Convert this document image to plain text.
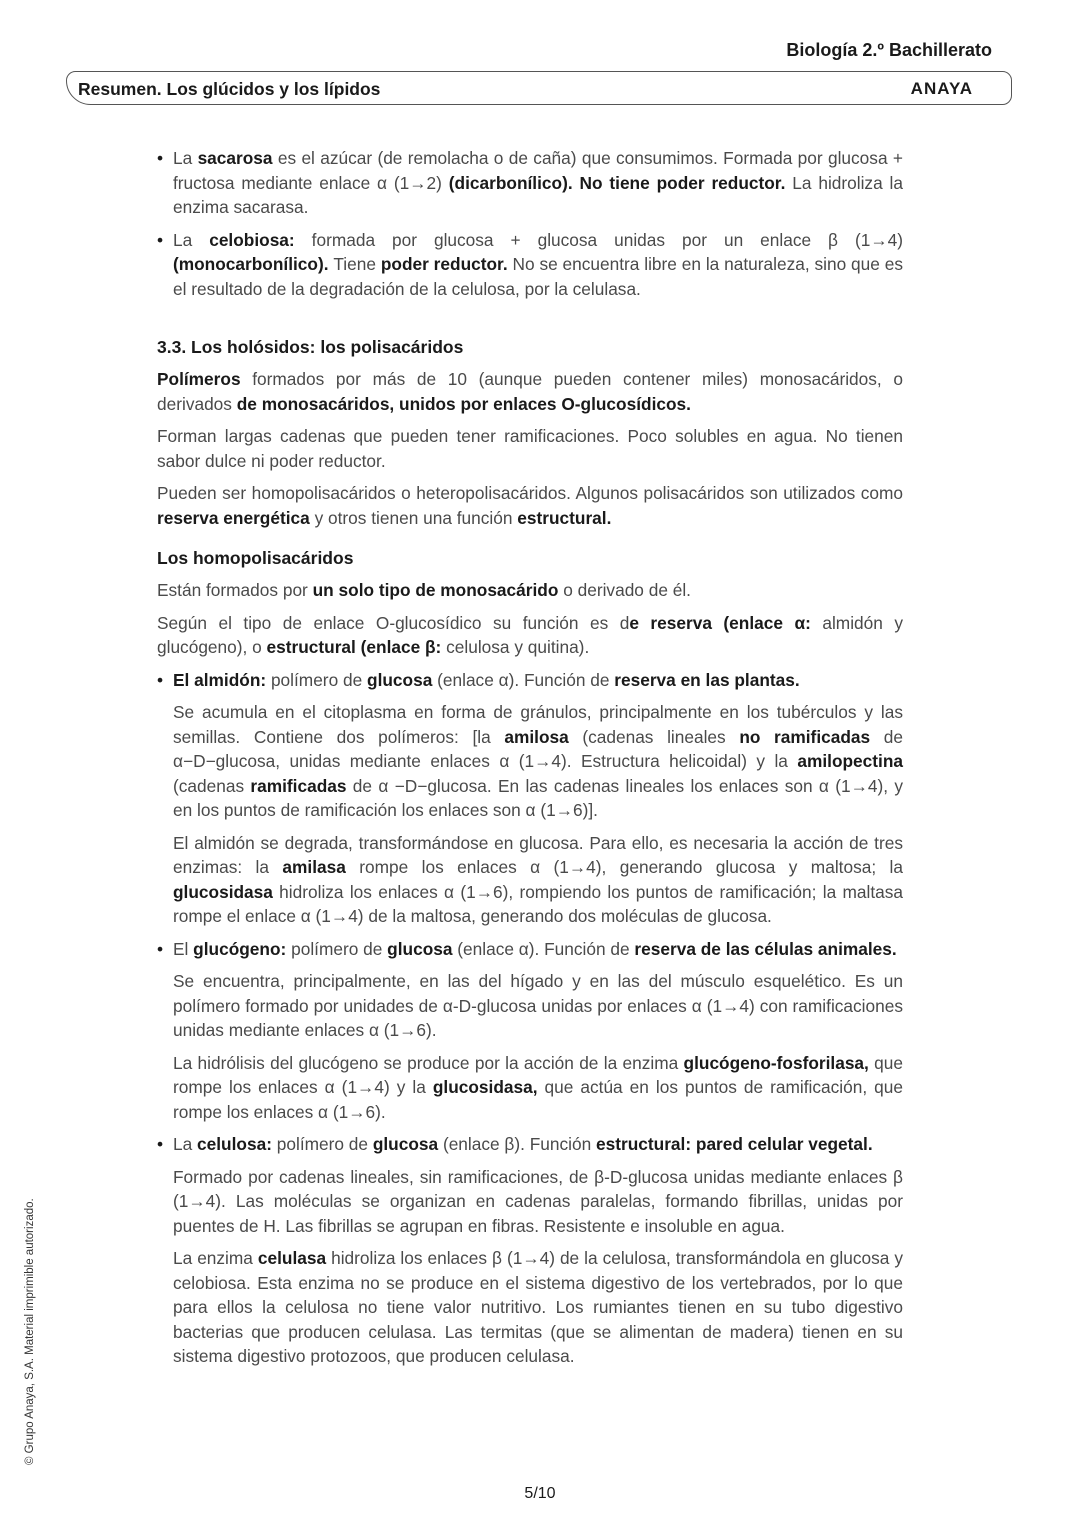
Biología 2.º Bachillerato
Resumen. Los glúcidos y los lípidos	ANAYA

• La sacarosa es el azúcar (de remolacha o de caña) que consumimos. Formada por glucosa + fructosa mediante enlace α (1→2) (dicarbonílico). No tiene poder reductor. La hidroliza la enzima sacarasa.

• La celobiosa: formada por glucosa + glucosa unidas por un enlace β (1→4) (monocarbonílico). Tiene poder reductor. No se encuentra libre en la naturaleza, sino que es el resultado de la degradación de la celulosa, por la celulasa.

3.3. Los holósidos: los polisacáridos

Polímeros formados por más de 10 (aunque pueden contener miles) monosacáridos, o derivados de monosacáridos, unidos por enlaces O-glucosídicos.

Forman largas cadenas que pueden tener ramificaciones. Poco solubles en agua. No tienen sabor dulce ni poder reductor.

Pueden ser homopolisacáridos o heteropolisacáridos. Algunos polisacáridos son utilizados como reserva energética y otros tienen una función estructural.

Los homopolisacáridos

Están formados por un solo tipo de monosacárido o derivado de él.

Según el tipo de enlace O-glucosídico su función es de reserva (enlace α: almidón y glucógeno), o estructural (enlace β: celulosa y quitina).

• El almidón: polímero de glucosa (enlace α). Función de reserva en las plantas.

Se acumula en el citoplasma en forma de gránulos, principalmente en los tubérculos y las semillas. Contiene dos polímeros: [la amilosa (cadenas lineales no ramificadas de α−D−glucosa, unidas mediante enlaces α (1→4). Estructura helicoidal) y la amilopectina (cadenas ramificadas de α −D−glucosa. En las cadenas lineales los enlaces son α (1→4), y en los puntos de ramificación los enlaces son α (1→6)].

El almidón se degrada, transformándose en glucosa. Para ello, es necesaria la acción de tres enzimas: la amilasa rompe los enlaces α (1→4), generando glucosa y maltosa; la glucosidasa hidroliza los enlaces α (1→6), rompiendo los puntos de ramificación; la maltasa rompe el enlace α (1→4) de la maltosa, generando dos moléculas de glucosa.

• El glucógeno: polímero de glucosa (enlace α). Función de reserva de las células animales.

Se encuentra, principalmente, en las del hígado y en las del músculo esquelético. Es un polímero formado por unidades de α-D-glucosa unidas por enlaces α (1→4) con ramificaciones unidas mediante enlaces α (1→6).

La hidrólisis del glucógeno se produce por la acción de la enzima glucógeno-fosforilasa, que rompe los enlaces α (1→4) y la glucosidasa, que actúa en los puntos de ramificación, que rompe los enlaces α (1→6).

• La celulosa: polímero de glucosa (enlace β). Función estructural: pared celular vegetal.

Formado por cadenas lineales, sin ramificaciones, de β-D-glucosa unidas mediante enlaces β (1→4). Las moléculas se organizan en cadenas paralelas, formando fibrillas, unidas por puentes de H. Las fibrillas se agrupan en fibras. Resistente e insoluble en agua.

La enzima celulasa hidroliza los enlaces β (1→4) de la celulosa, transformándola en glucosa y celobiosa. Esta enzima no se produce en el sistema digestivo de los vertebrados, por lo que para ellos la celulosa no tiene valor nutritivo. Los rumiantes tienen en su tubo digestivo bacterias que producen celulasa. Las termitas (que se alimentan de madera) tienen en su sistema digestivo protozoos, que producen celulasa.

© Grupo Anaya, S.A. Material imprimible autorizado.
5/10
